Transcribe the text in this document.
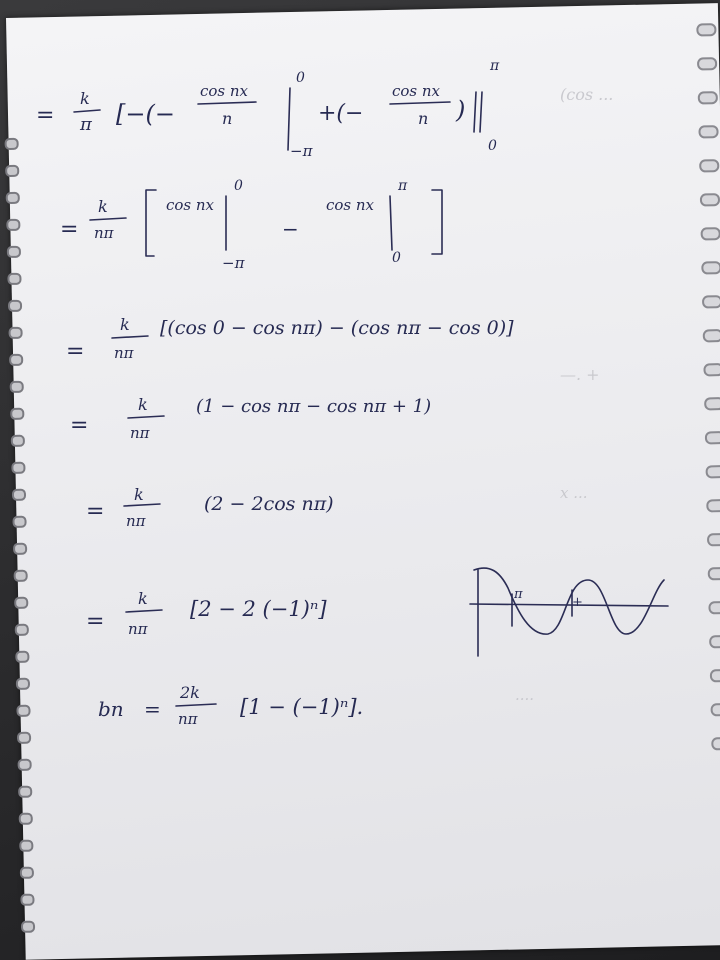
(cos ...
—. +
x ...
....
=
k
π [−(−
cos nx
n
0
−π
+(−
cos nx
n )
π
0
=
k
nπ
cos nx
0
−π
−
cos nx
π
0
=
k
nπ
[(cos 0 − cos nπ) − (cos nπ − cos 0)]
=
k
nπ
(1 − cos nπ − cos nπ + 1)
=
k
nπ
(2 − 2cos nπ)
=
k
nπ
[2 − 2 (−1)ⁿ]
π
+
bn =
2k
nπ [1 − (−1)ⁿ].
